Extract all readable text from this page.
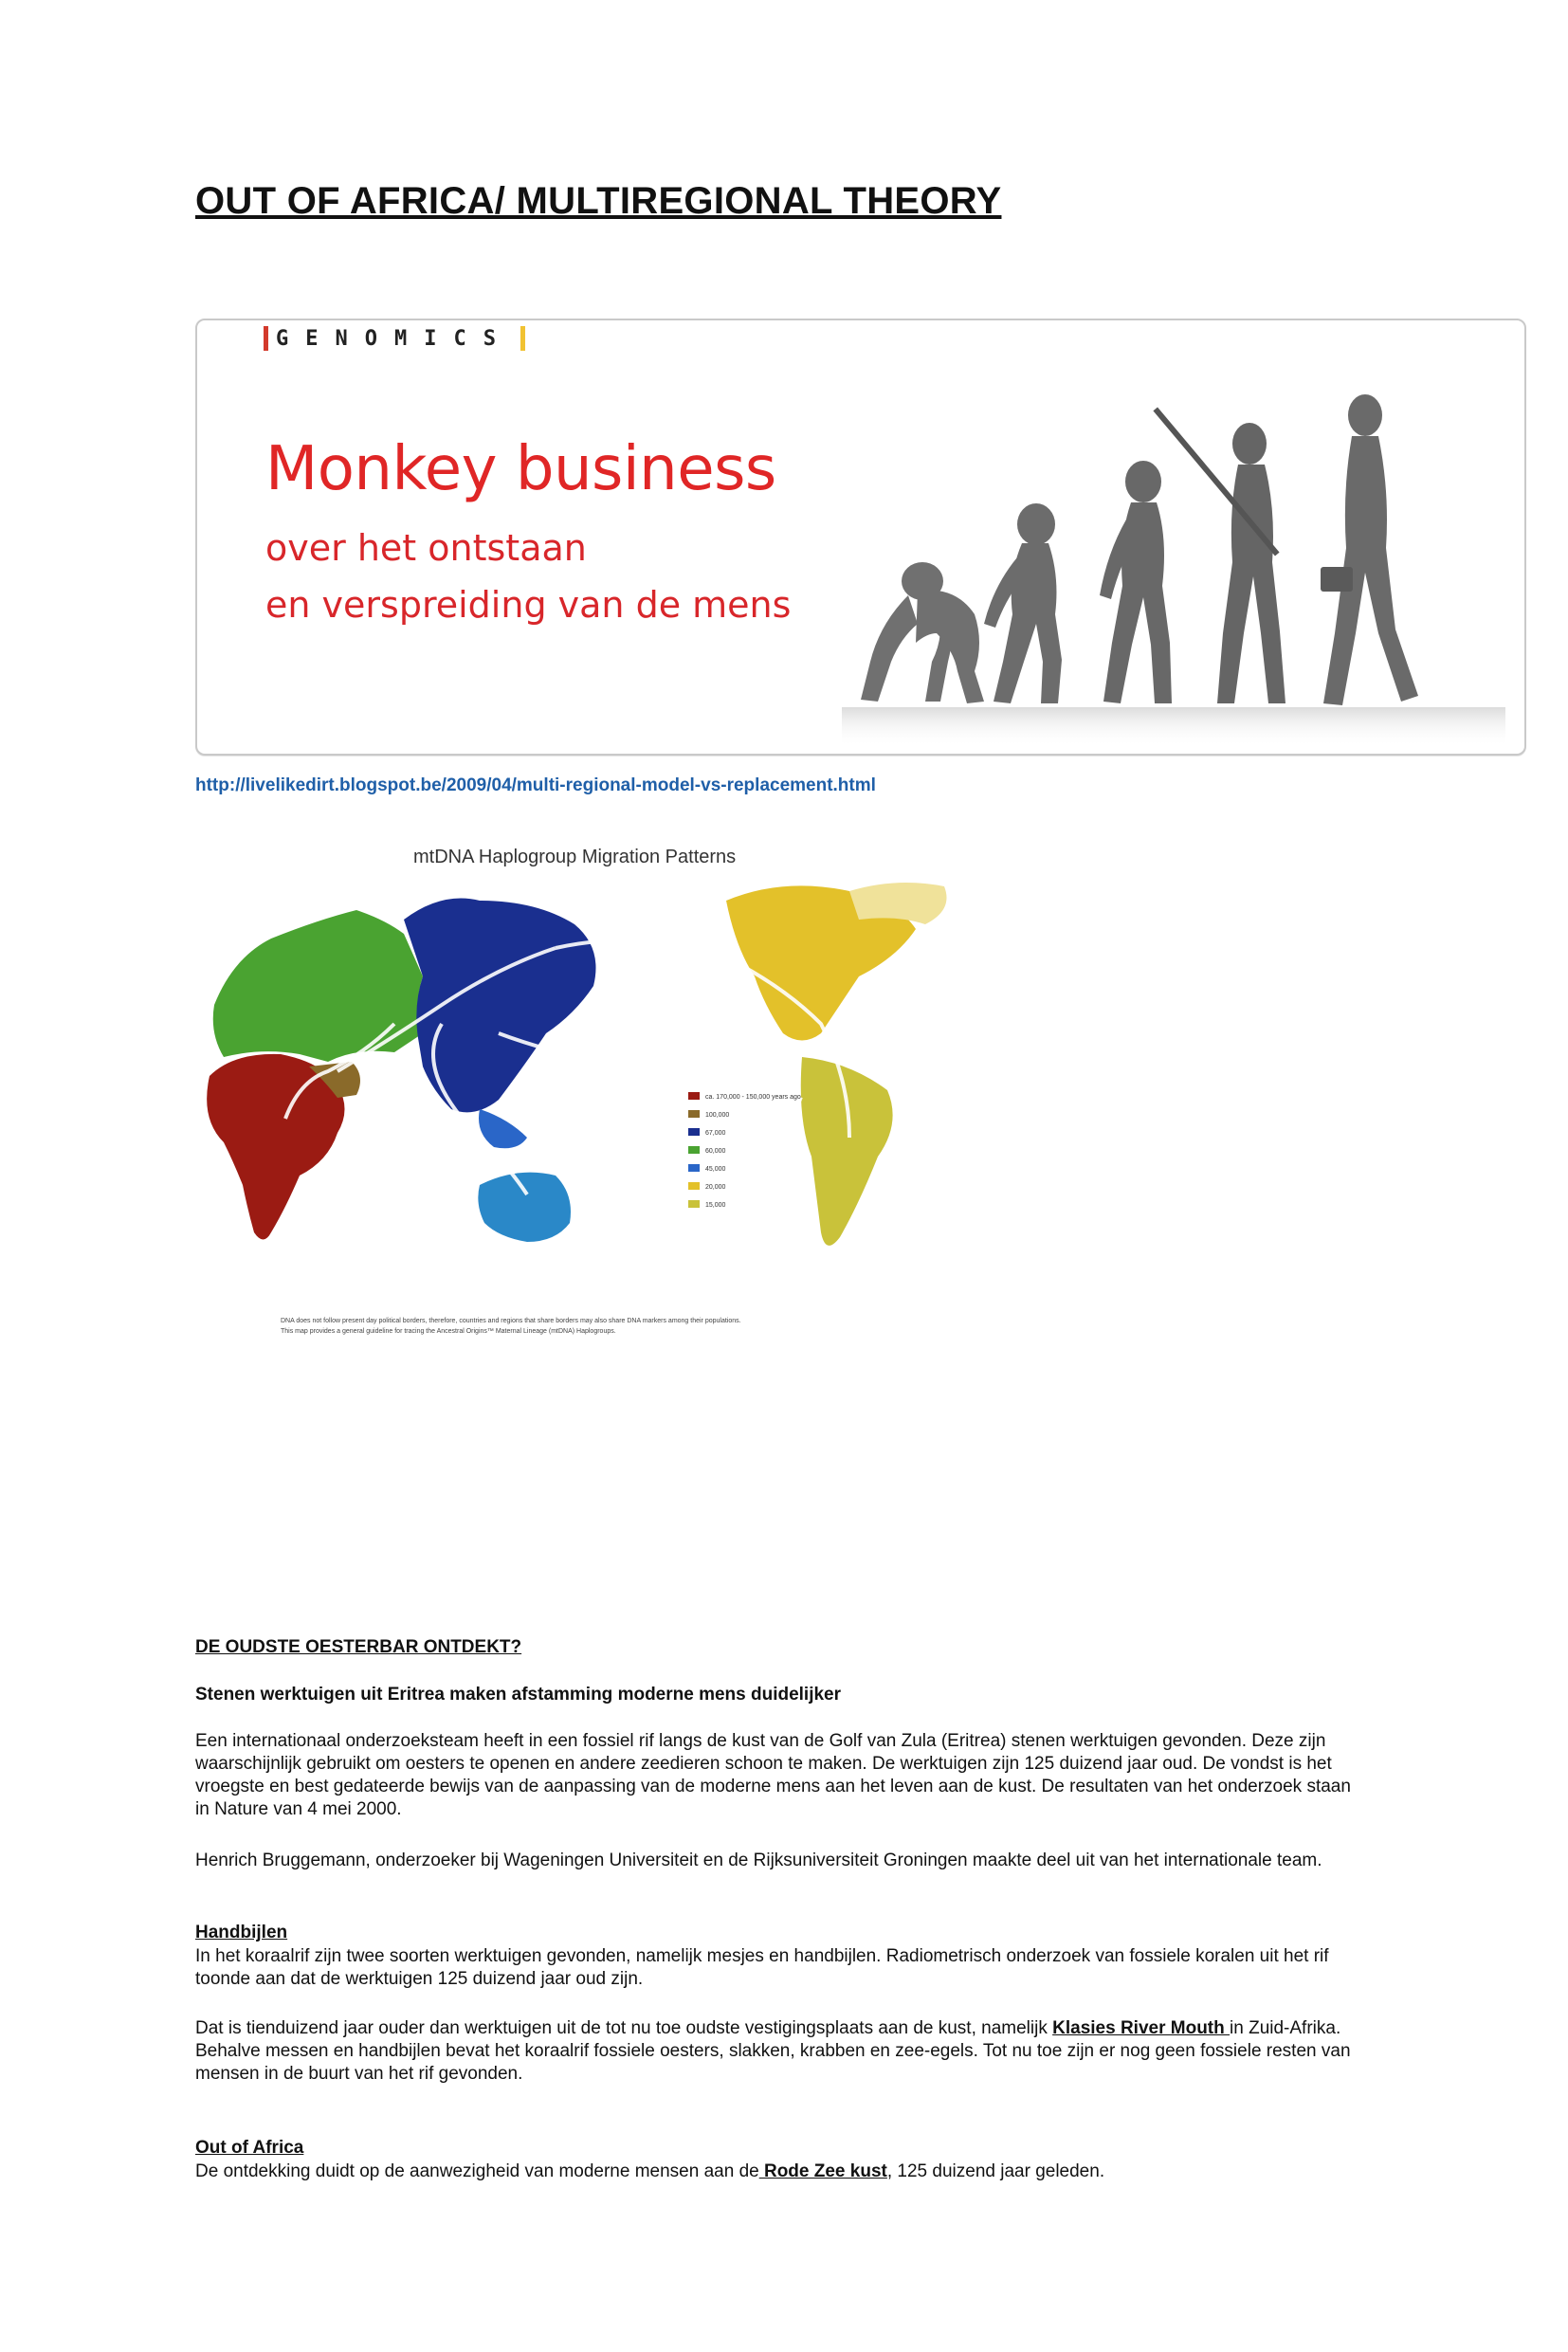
OUT OF AFRICA/ MULTIREGIONAL THEORY
GENOMICS
Monkey business
over het ontstaan
en verspreiding van de mens
http://livelikedirt.blogspot.be/2009/04/multi-regional-model-vs-replacement.html
mtDNA Haplogroup Migration Patterns
ca. 170,000 - 150,000 years ago
100,000
67,000
60,000
45,000
20,000
15,000
DNA does not follow present day political borders, therefore, countries and regions that share borders may also share DNA markers among their populations.
This map provides a general guideline for tracing the Ancestral Origins™ Maternal Lineage (mtDNA) Haplogroups.
DE OUDSTE OESTERBAR ONTDEKT?
Stenen werktuigen uit Eritrea maken afstamming moderne mens duidelijker

Een internationaal onderzoeksteam heeft in een fossiel rif langs de kust van de Golf van Zula (Eritrea) stenen werktuigen gevonden. Deze zijn waarschijnlijk gebruikt om oesters te openen en andere zeedieren schoon te maken. De werktuigen zijn 125 duizend jaar oud. De vondst is het vroegste en best gedateerde bewijs van de aanpassing van de moderne mens aan het leven aan de kust. De resultaten van het onderzoek staan in Nature van 4 mei 2000.

Henrich Bruggemann, onderzoeker bij Wageningen Universiteit en de Rijksuniversiteit Groningen maakte deel uit van het internationale team.

Handbijlen

In het koraalrif zijn twee soorten werktuigen gevonden, namelijk mesjes en handbijlen. Radiometrisch onderzoek van fossiele koralen uit het rif toonde aan dat de werktuigen 125 duizend jaar oud zijn.

Dat is tienduizend jaar ouder dan werktuigen uit de tot nu toe oudste vestigingsplaats aan de kust, namelijk Klasies River Mouth in Zuid-Afrika. Behalve messen en handbijlen bevat het koraalrif fossiele oesters, slakken, krabben en zee-egels. Tot nu toe zijn er nog geen fossiele resten van mensen in de buurt van het rif gevonden.

Out of Africa

De ontdekking duidt op de aanwezigheid van moderne mensen aan de Rode Zee kust, 125 duizend jaar geleden.
